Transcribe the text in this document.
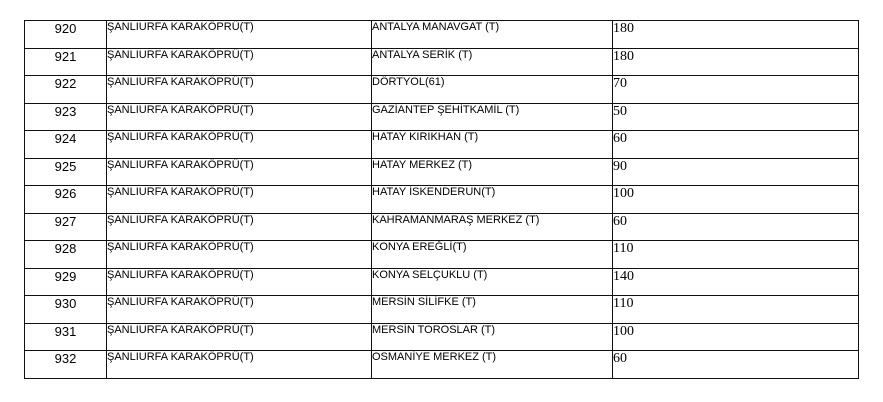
920	ŞANLIURFA KARAKÖPRÜ(T)	ANTALYA MANAVGAT (T)	180
921	ŞANLIURFA KARAKÖPRÜ(T)	ANTALYA SERİK (T)	180
922	ŞANLIURFA KARAKÖPRÜ(T)	DÖRTYOL(61)	70
923	ŞANLIURFA KARAKÖPRÜ(T)	GAZİANTEP ŞEHİTKAMİL (T)	50
924	ŞANLIURFA KARAKÖPRÜ(T)	HATAY KIRIKHAN (T)	60
925	ŞANLIURFA KARAKÖPRÜ(T)	HATAY MERKEZ (T)	90
926	ŞANLIURFA KARAKÖPRÜ(T)	HATAY İSKENDERUN(T)	100
927	ŞANLIURFA KARAKÖPRÜ(T)	KAHRAMANMARAŞ MERKEZ (T)	60
928	ŞANLIURFA KARAKÖPRÜ(T)	KONYA EREĞLİ(T)	110
929	ŞANLIURFA KARAKÖPRÜ(T)	KONYA SELÇUKLU (T)	140
930	ŞANLIURFA KARAKÖPRÜ(T)	MERSİN SİLİFKE (T)	110
931	ŞANLIURFA KARAKÖPRÜ(T)	MERSİN TOROSLAR (T)	100
932	ŞANLIURFA KARAKÖPRÜ(T)	OSMANİYE MERKEZ (T)	60
